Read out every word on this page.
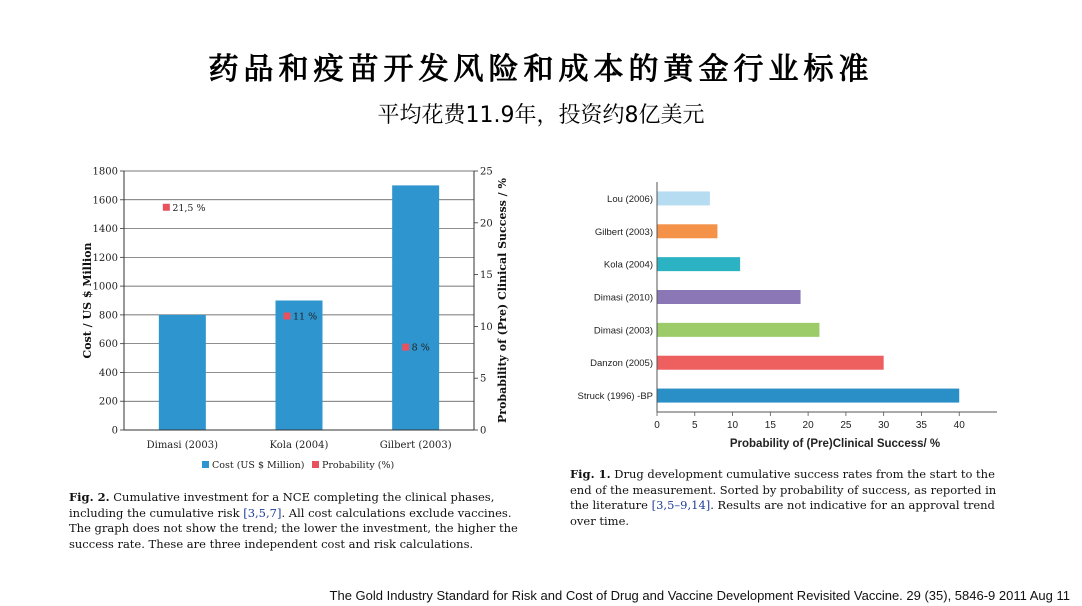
药品和疫苗开发风险和成本的黄金行业标准
平均花费11.9年，投资约8亿美元
0
200
400
600
800
1000
1200
1400
1600
1800
0
5
10
15
20
25
Dimasi (2003)	Kola (2004)	Gilbert (2003)
21,5 %
11 %
8 %
Cost / US $ Million	Probability of (Pre) Clinical Success / %
Cost (US $ Million) Probability (%)
Lou (2006)
Gilbert (2003)
Kola (2004)
Dimasi (2010)
Dimasi (2003)
Danzon (2005)
Struck (1996) -BP
0	5	10	15	20	25	30	35	40
Probability of (Pre)Clinical Success/ %
Fig. 2. Cumulative investment for a NCE completing the clinical phases, including the cumulative risk [3,5,7]. All cost calculations exclude vaccines. The graph does not show the trend; the lower the investment, the higher the success rate. These are three independent cost and risk calculations.
Fig. 1. Drug development cumulative success rates from the start to the end of the measurement. Sorted by probability of success, as reported in the literature [3,5–9,14]. Results are not indicative for an approval trend over time.
The Gold Industry Standard for Risk and Cost of Drug and Vaccine Development Revisited Vaccine. 29 (35), 5846-9 2011 Aug 11
